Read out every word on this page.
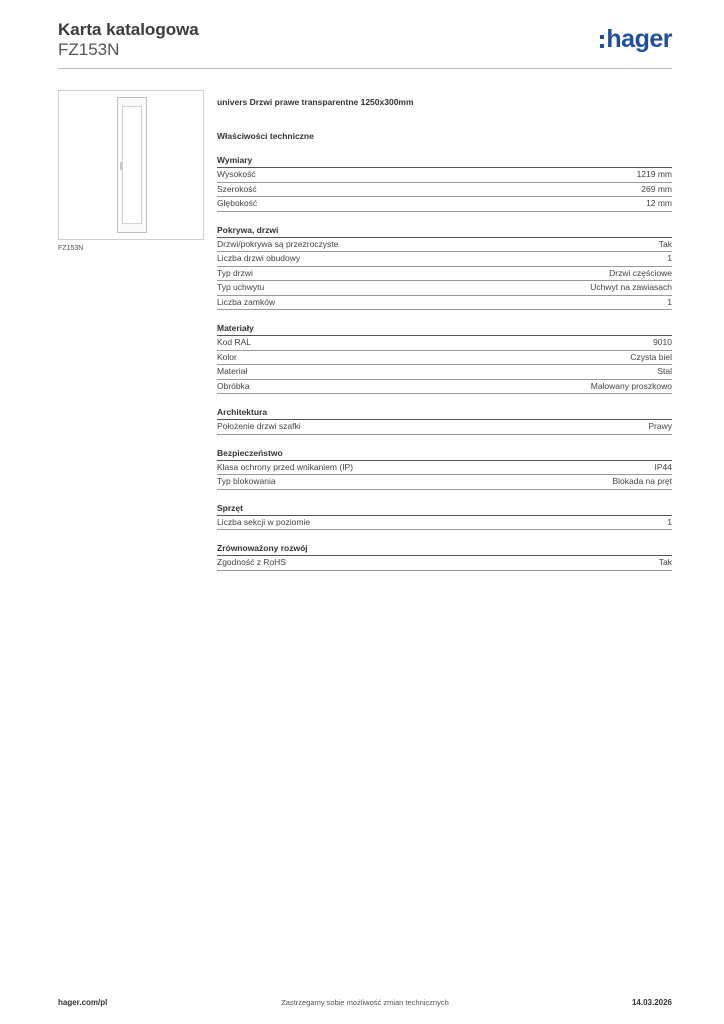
Karta katalogowa
FZ153N	hager
FZ153N
univers Drzwi prawe transparentne 1250x300mm
Właściwości techniczne
Wymiary
Wysokość	1219 mm
Szerokość	269 mm
Głębokość	12 mm
Pokrywa, drzwi
Drzwi/pokrywa są przezroczyste	Tak
Liczba drzwi obudowy	1
Typ drzwi	Drzwi częściowe
Typ uchwytu	Uchwyt na zawiasach
Liczba zamków	1
Materiały
Kod RAL	9010
Kolor	Czysta biel
Materiał	Stal
Obróbka	Malowany proszkowo
Architektura
Położenie drzwi szafki	Prawy
Bezpieczeństwo
Klasa ochrony przed wnikaniem (IP)	IP44
Typ blokowania	Blokada na pręt
Sprzęt
Liczba sekcji w poziomie	1
Zrównoważony rozwój
Zgodność z RoHS	Tak
hager.com/pl	Zastrzegamy sobie możliwość zmian technicznych	14.03.2026
